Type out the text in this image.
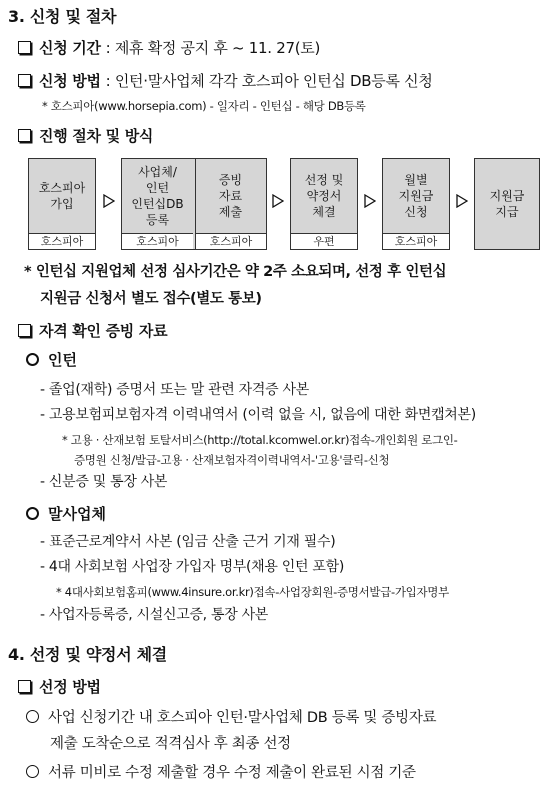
3. 신청 및 절차
신청 기간
: 제휴 확정 공지 후 ~ 11. 27(토)
신청 방법
: 인턴·말사업체 각각 호스피아 인턴십 DB등록 신청
* 호스피아(www.horsepia.com) - 일자리 - 인턴십 - 해당 DB등록
진행 절차 및 방식
호스피아
가입
호스피아
사업체/
인턴
인턴십DB
등록
증빙
자료
제출
호스피아	호스피아
선정 및
약정서
체결
우편
월별
지원금
신청
호스피아
지원금
지급
* 인턴십 지원업체 선정 심사기간은 약 2주 소요되며, 선정 후 인턴십
지원금 신청서 별도 접수(별도 통보)
자격 확인 증빙 자료
인턴
- 졸업(재학) 증명서 또는 말 관련 자격증 사본
- 고용보험피보험자격 이력내역서 (이력 없을 시, 없음에 대한 화면캡쳐본)
* 고용 · 산재보험 토탈서비스(http://total.kcomwel.or.kr)접속-개인회원 로그인-
증명원 신청/발급-고용 · 산재보험자격이력내역서-'고용'클릭-신청
- 신분증 및 통장 사본
말사업체
- 표준근로계약서 사본 (임금 산출 근거 기재 필수)
- 4대 사회보험 사업장 가입자 명부(채용 인턴 포함)
* 4대사회보험홈피(www.4insure.or.kr)접속-사업장회원-증명서발급-가입자명부
- 사업자등록증, 시설신고증, 통장 사본
4. 선정 및 약정서 체결
선정 방법
사업 신청기간 내 호스피아 인턴·말사업체 DB 등록 및 증빙자료
제출 도착순으로 적격심사 후 최종 선정
서류 미비로 수정 제출할 경우 수정 제출이 완료된 시점 기준
